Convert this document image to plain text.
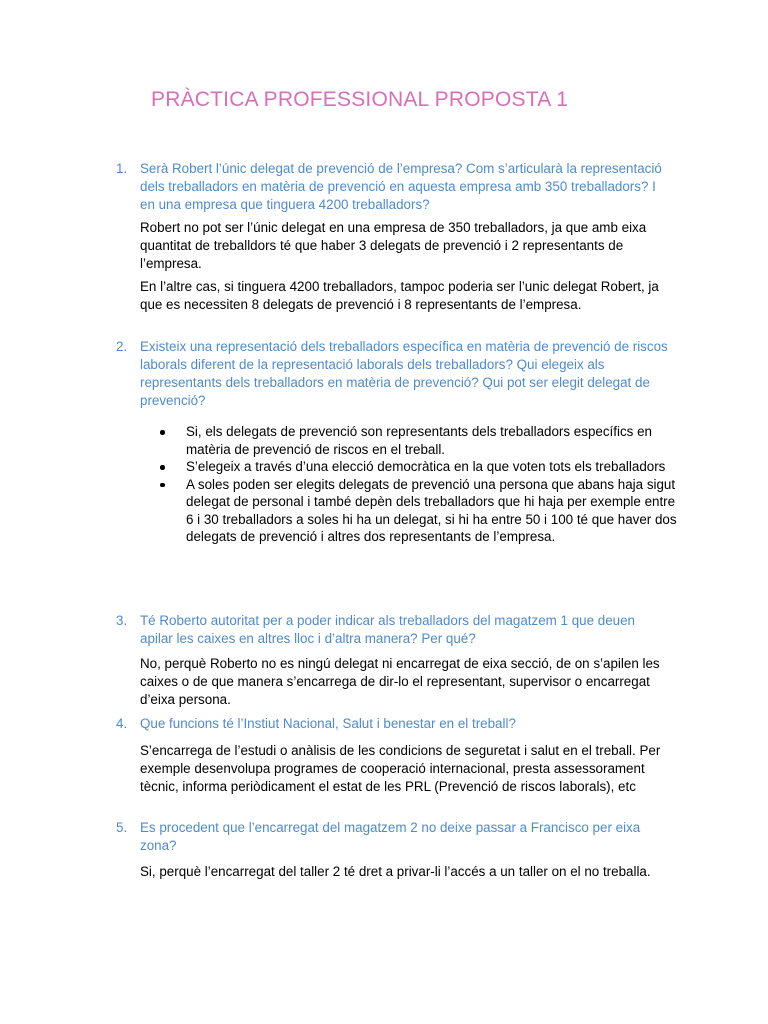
PRÀCTICA PROFESSIONAL PROPOSTA 1
1. Serà Robert l’únic delegat de prevenció de l’empresa? Com s’articularà la representació dels treballadors en matèria de prevenció en aquesta empresa amb 350 treballadors? I en una empresa que tinguera 4200 treballadors?
Robert no pot ser l’únic delegat en una empresa de 350 treballadors, ja que amb eixa quantitat de treballdors té que haber 3 delegats de prevenció i 2 representants de l’empresa.
En l’altre cas, si tinguera 4200 treballadors, tampoc poderia ser l’unic delegat Robert, ja que es necessiten 8 delegats de prevenció i 8 representants de l’empresa.
2. Existeix una representació dels treballadors específica en matèria de prevenció de riscos laborals diferent de la representació laborals dels treballadors? Qui elegeix als representants dels treballadors en matèria de prevenció? Qui pot ser elegit delegat de prevenció?
Si, els delegats de prevenció son representants dels treballadors específics en matèria de prevenció de riscos en el treball.
S’elegeix a través d’una elecció democràtica en la que voten tots els treballadors
A soles poden ser elegits delegats de prevenció una persona que abans haja sigut delegat de personal i també depèn dels treballadors que hi haja per exemple entre 6 i 30 treballadors a soles hi ha un delegat, si hi ha entre 50 i 100 té que haver dos delegats de prevenció i altres dos representants de l’empresa.
3. Té Roberto autoritat per a poder indicar als treballadors del magatzem 1 que deuen apilar les caixes en altres lloc i d’altra manera? Per qué?
No, perquè Roberto no es ningú delegat ni encarregat de eixa secció, de on s’apilen les caixes o de que manera s’encarrega de dir-lo el representant, supervisor o encarregat d’eixa persona.
4. Que funcions té l’Instiut Nacional, Salut i benestar en el treball?
S’encarrega de l’estudi o anàlisis de les condicions de seguretat i salut en el treball. Per exemple desenvolupa programes de cooperació internacional, presta assessorament tècnic, informa periòdicament el estat de les PRL (Prevenció de riscos laborals), etc
5. Es procedent que l’encarregat del magatzem 2 no deixe passar a Francisco per eixa zona?
Si, perquè l’encarregat del taller 2 té dret a privar-li l’accés a un taller on el no treballa.
